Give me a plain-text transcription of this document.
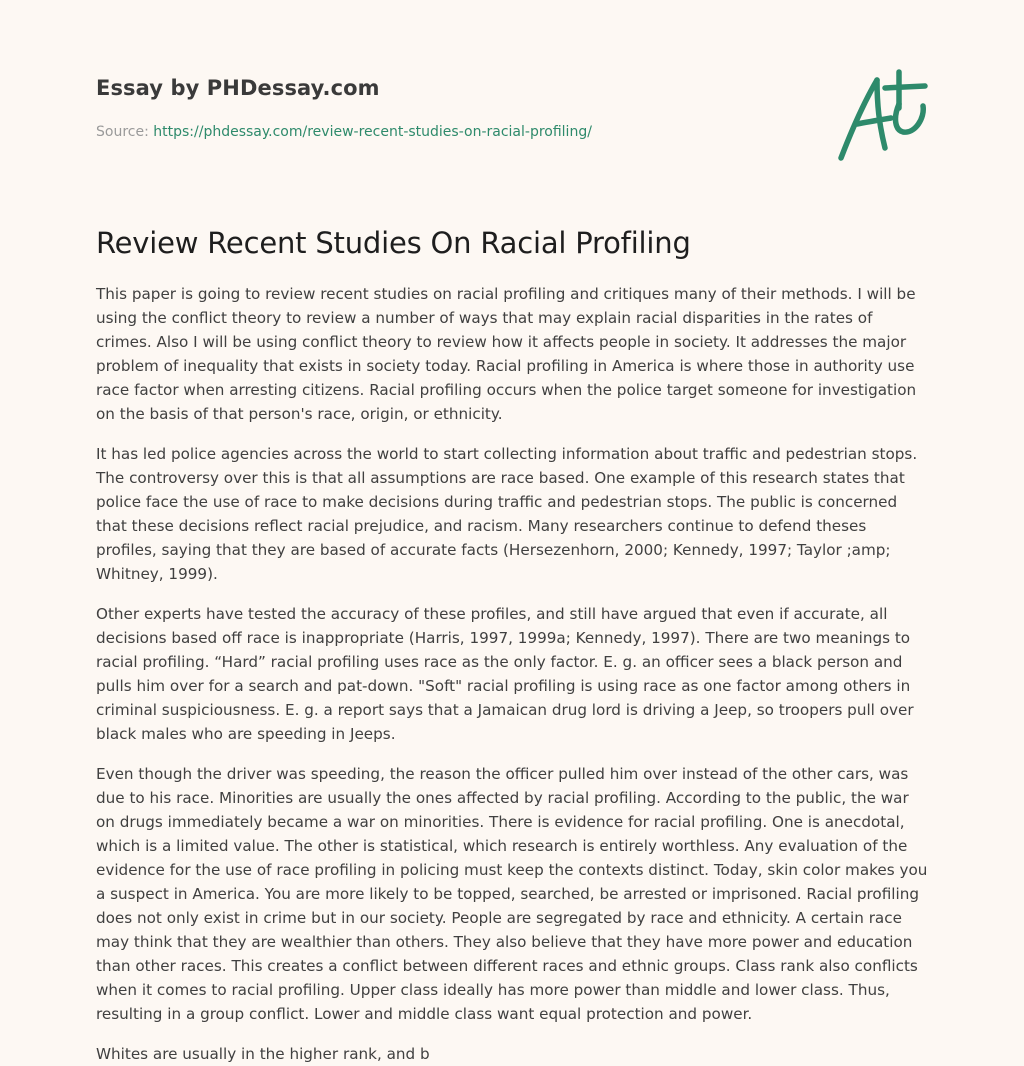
Essay by PHDessay.com
Source: https://phdessay.com/review-recent-studies-on-racial-profiling/
Review Recent Studies On Racial Profiling

This paper is going to review recent studies on racial profiling and critiques many of their methods. I will be using the conflict theory to review a number of ways that may explain racial disparities in the rates of crimes. Also I will be using conflict theory to review how it affects people in society. It addresses the major problem of inequality that exists in society today. Racial profiling in America is where those in authority use race factor when arresting citizens. Racial profiling occurs when the police target someone for investigation on the basis of that person's race, origin, or ethnicity.

It has led police agencies across the world to start collecting information about traffic and pedestrian stops. The controversy over this is that all assumptions are race based. One example of this research states that police face the use of race to make decisions during traffic and pedestrian stops. The public is concerned that these decisions reflect racial prejudice, and racism. Many researchers continue to defend theses profiles, saying that they are based of accurate facts (Hersezenhorn, 2000; Kennedy, 1997; Taylor ;amp; Whitney, 1999).

Other experts have tested the accuracy of these profiles, and still have argued that even if accurate, all decisions based off race is inappropriate (Harris, 1997, 1999a; Kennedy, 1997). There are two meanings to racial profiling. “Hard” racial profiling uses race as the only factor. E. g. an officer sees a black person and pulls him over for a search and pat-down. "Soft" racial profiling is using race as one factor among others in criminal suspiciousness. E. g. a report says that a Jamaican drug lord is driving a Jeep, so troopers pull over black males who are speeding in Jeeps.

Even though the driver was speeding, the reason the officer pulled him over instead of the other cars, was due to his race. Minorities are usually the ones affected by racial profiling. According to the public, the war on drugs immediately became a war on minorities. There is evidence for racial profiling. One is anecdotal, which is a limited value. The other is statistical, which research is entirely worthless. Any evaluation of the evidence for the use of race profiling in policing must keep the contexts distinct. Today, skin color makes you a suspect in America. You are more likely to be topped, searched, be arrested or imprisoned. Racial profiling does not only exist in crime but in our society. People are segregated by race and ethnicity. A certain race may think that they are wealthier than others. They also believe that they have more power and education than other races. This creates a conflict between different races and ethnic groups. Class rank also conflicts when it comes to racial profiling. Upper class ideally has more power than middle and lower class. Thus, resulting in a group conflict. Lower and middle class want equal protection and power.

Whites are usually in the higher rank, and b
